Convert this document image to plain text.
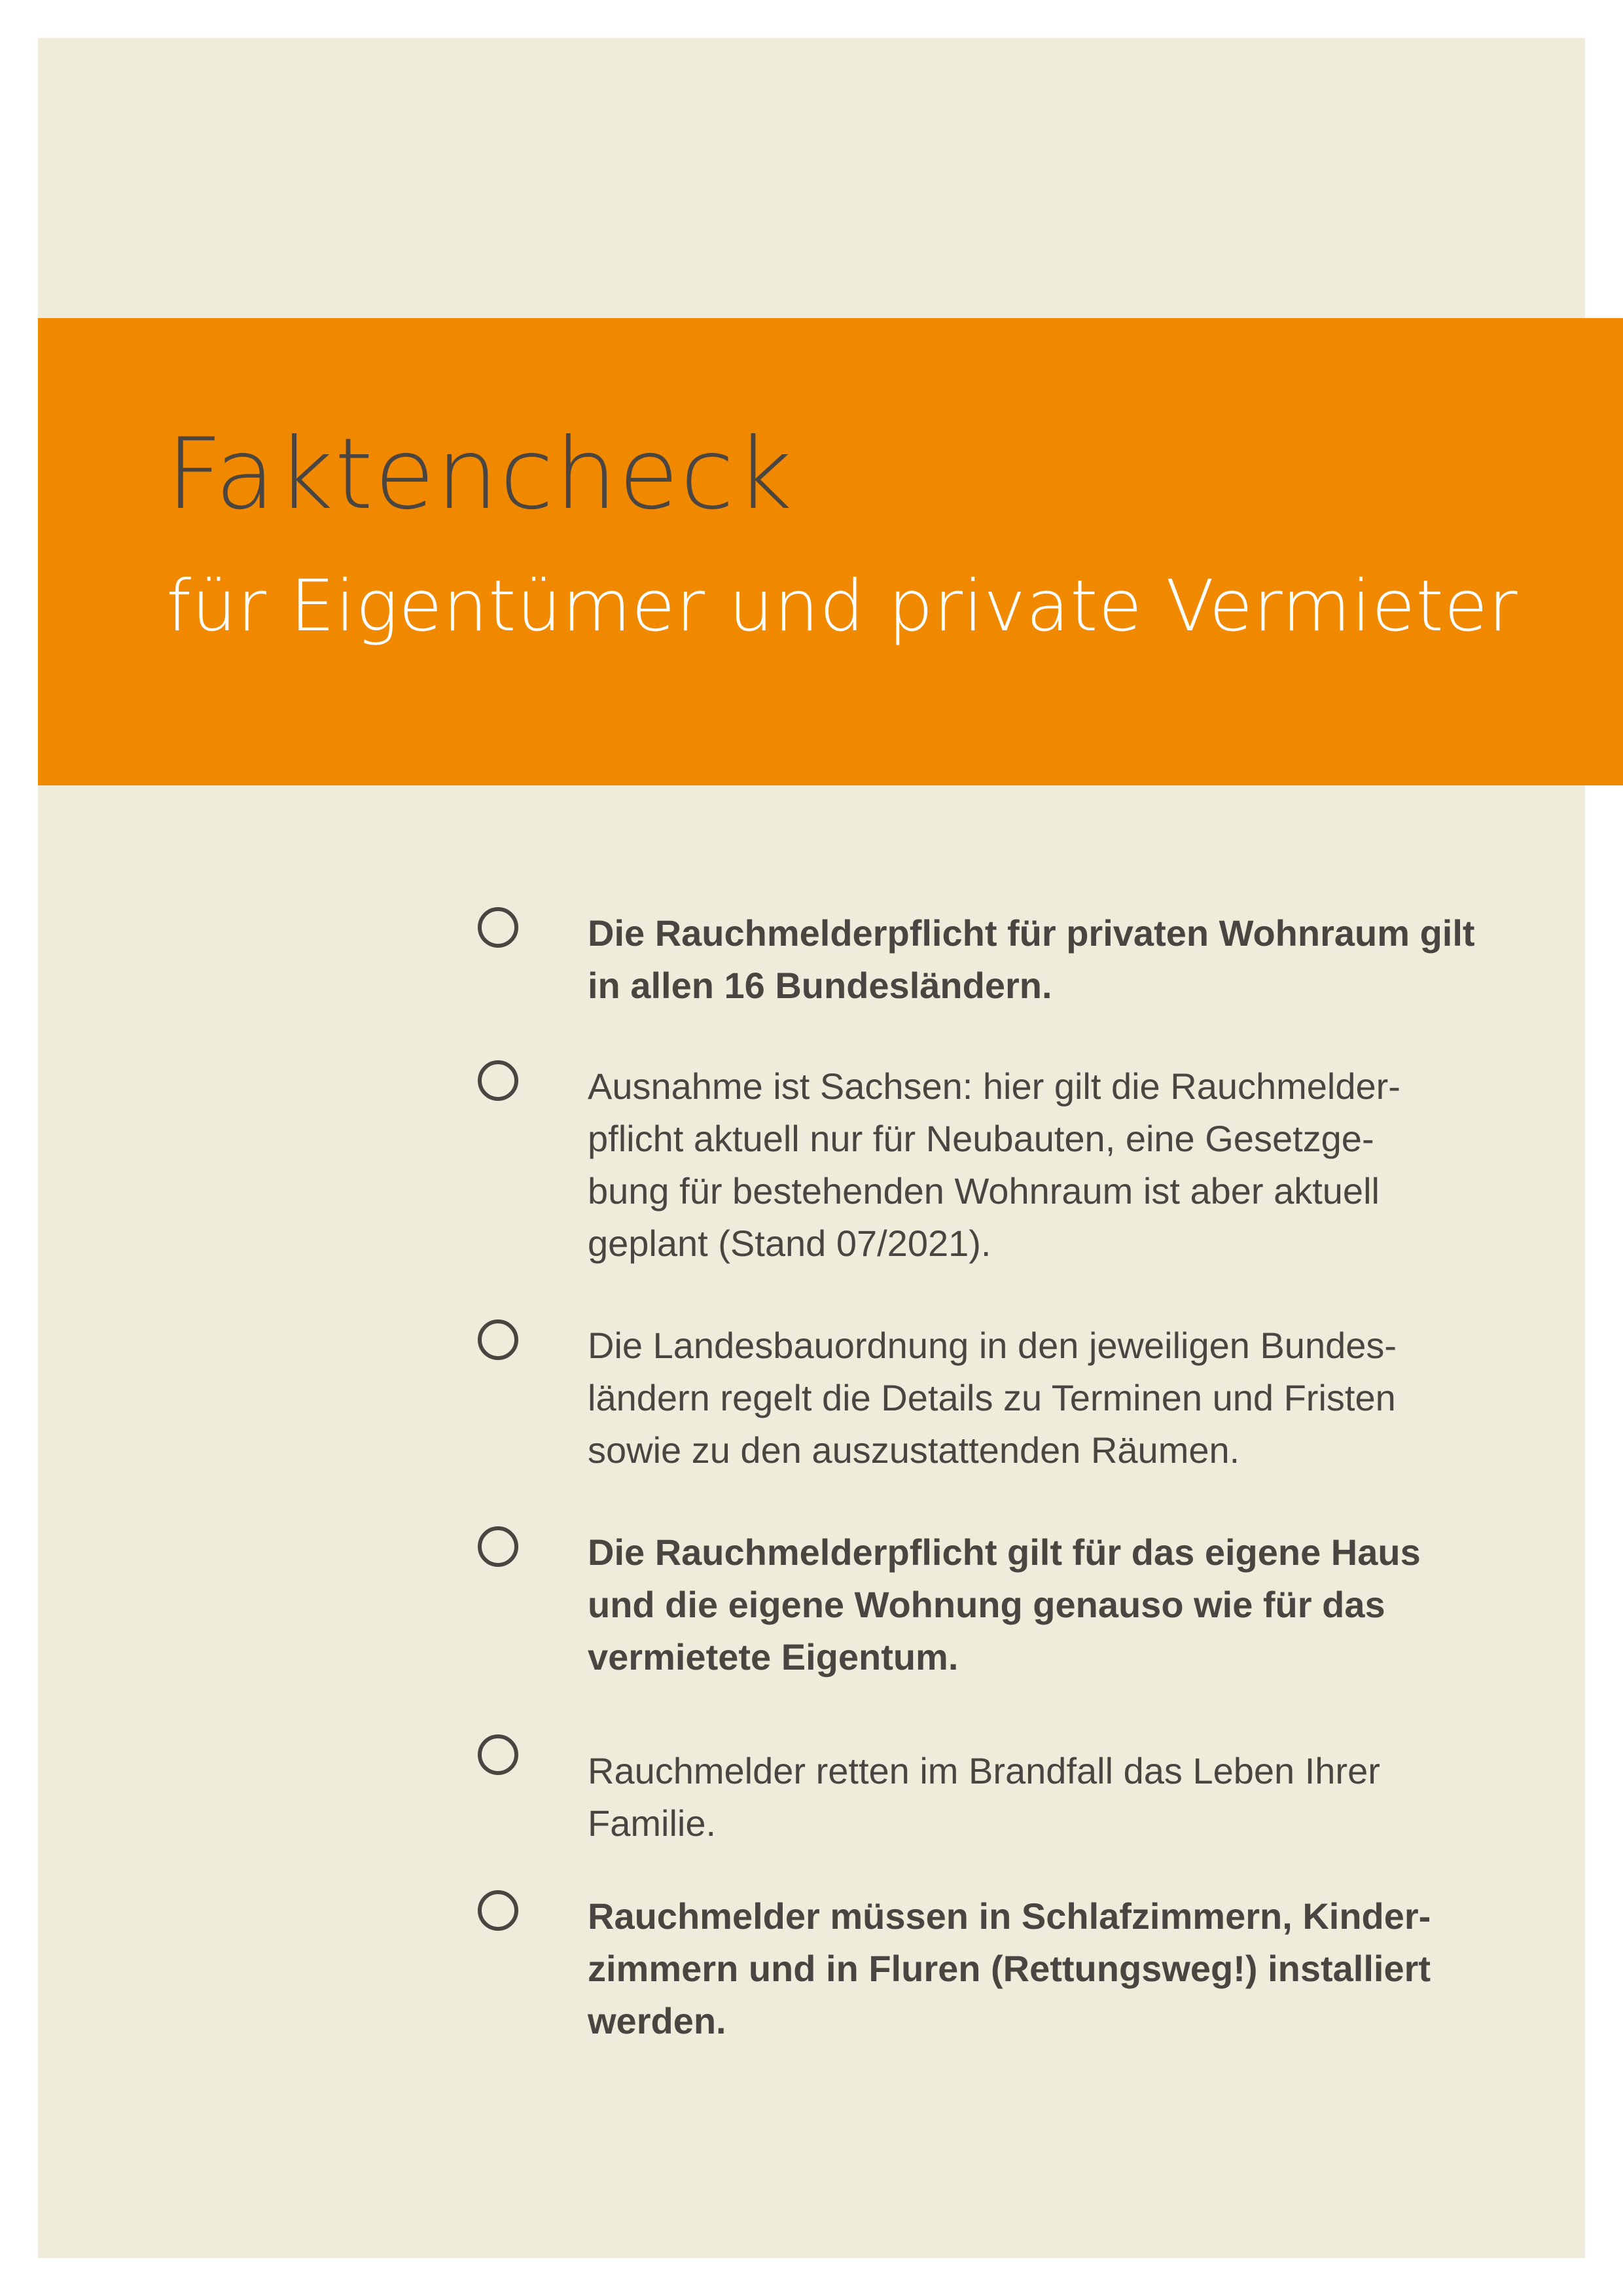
Faktencheck
für Eigentümer und private Vermieter

Die Rauchmelderpflicht für privaten Wohnraum gilt
in allen 16 Bundesländern.

Ausnahme ist Sachsen: hier gilt die Rauchmelder-
pflicht aktuell nur für Neubauten, eine Gesetzge-
bung für bestehenden Wohnraum ist aber aktuell
geplant (Stand 07/2021).

Die Landesbauordnung in den jeweiligen Bundes-
ländern regelt die Details zu Terminen und Fristen
sowie zu den auszustattenden Räumen.

Die Rauchmelderpflicht gilt für das eigene Haus
und die eigene Wohnung genauso wie für das
vermietete Eigentum.

Rauchmelder retten im Brandfall das Leben Ihrer
Familie.

Rauchmelder müssen in Schlafzimmern, Kinder-
zimmern und in Fluren (Rettungsweg!) installiert
werden.
